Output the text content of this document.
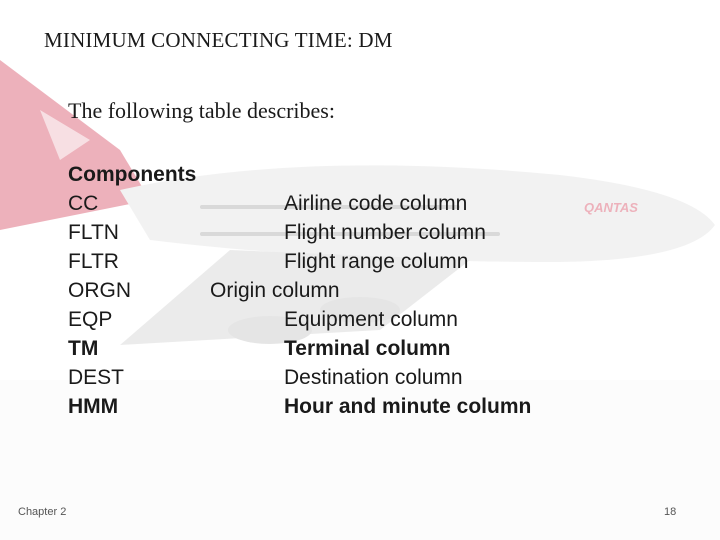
QANTAS
MINIMUM CONNECTING TIME: DM
The following table describes:
Components
CC	Airline code column
FLTN	Flight number column
FLTR	Flight range column
ORGN	Origin column
EQP	Equipment column
TM	Terminal column
DEST	Destination column
HMM	Hour and minute column
Chapter 2	18
